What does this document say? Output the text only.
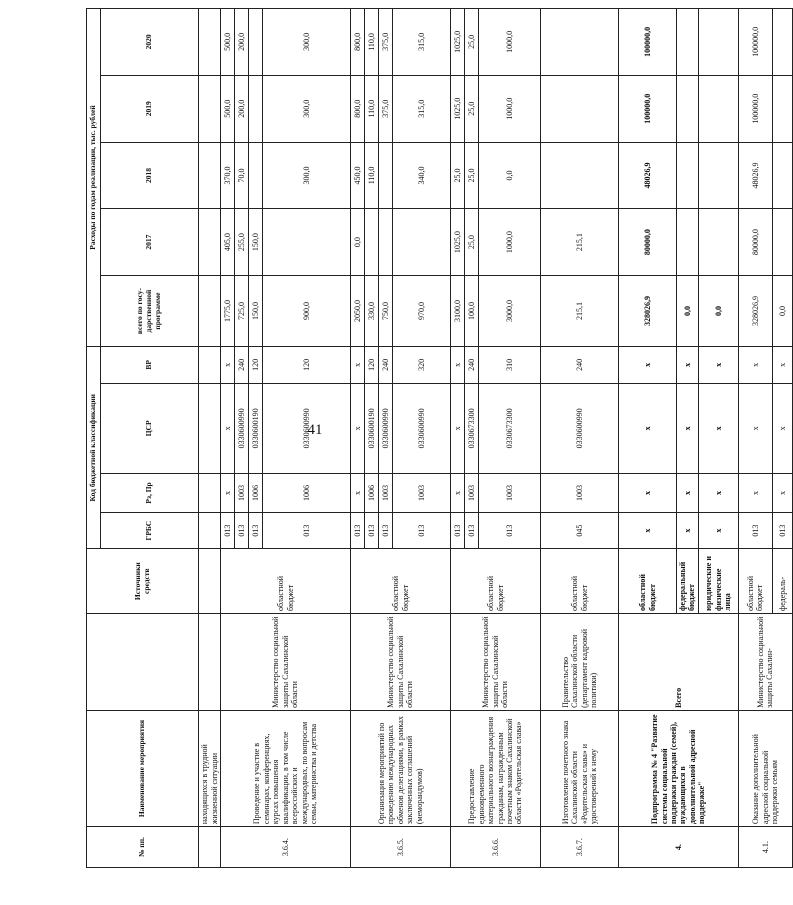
41
№ пп.	Наименование мероприятия		Источники средств	Код бюджетной классификации				Расходы по годам реализации, тыс. рублей				
				ГРБС	Рз, Пр	ЦСР	ВР	всего по госу-дарственной программе	2017	2018	2019	2020
	находящихся в трудной жизненной ситуации											
3.6.4.	Проведение и участие в семинарах, конференциях, курсах повышения квалификации, в том числе всероссийских и международных, по вопросам семьи, материнства и детства	Министерство социальной защиты Сахалинской области	областной бюджет	013	х	х	х	1775,0	405,0	370,0	500,0	500,0
				013	1003	0330600990	240	725,0	255,0	70,0	200,0	200,0
				013	1006	0330600190	120	150,0	150,0			
				013	1006	0330600990	120	900,0		300,0	300,0	300,0
3.6.5.	Организация мероприятий по проведению международных обменов делегациями, в рамках заключенных соглашений (меморандумов)	Министерство социальной защиты Сахалинской области	областной бюджет	013	х	х	х	2050,0	0,0	450,0	800,0	800,0
				013	1006	0330600190	120	330,0		110,0	110,0	110,0
				013	1003	0330600990	240	750,0			375,0	375,0
				013	1003	0330600990	320	970,0		340,0	315,0	315,0
3.6.6.	Предоставление единовременного материального вознаграждения гражданам, награжденным почетным знаком Сахалинской области «Родительская слава»	Министерство социальной защиты Сахалинской области	областной бюджет	013	х	х	х	3100,0	1025,0	25,0	1025,0	1025,0
				013	1003	0330673300	240	100,0	25,0	25,0	25,0	25,0
				013	1003	0330673300	310	3000,0	1000,0	0,0	1000,0	1000,0
3.6.7.	Изготовление почетного знака Сахалинской области «Родительская слава» и удостоверений к нему	Правительство Сахалинской области (департамент кадровой политики)	областной бюджет	045	1003	0330600990	240	215,1	215,1			
4.	Подпрограмма № 4 "Развитие системы социальной поддержки граждан (семей), нуждающихся в дополнительной адресной поддержке"	Всего	областной бюджет	х	х	х	х	328026,9	80000,0	48026,9	100000,0	100000,0
			федеральный бюджет	х	х	х	х	0,0				
			юридические и физические лица	х	х	х	х	0,0				
4.1.	Оказание дополнительной адресной социальной поддержки семьям	Министерство социальной защиты Сахалин-	областной бюджет	013	х	х	х	328026,9	80000,0	48026,9	100000,0	100000,0
			федераль-	013	х	х	х	0,0				
